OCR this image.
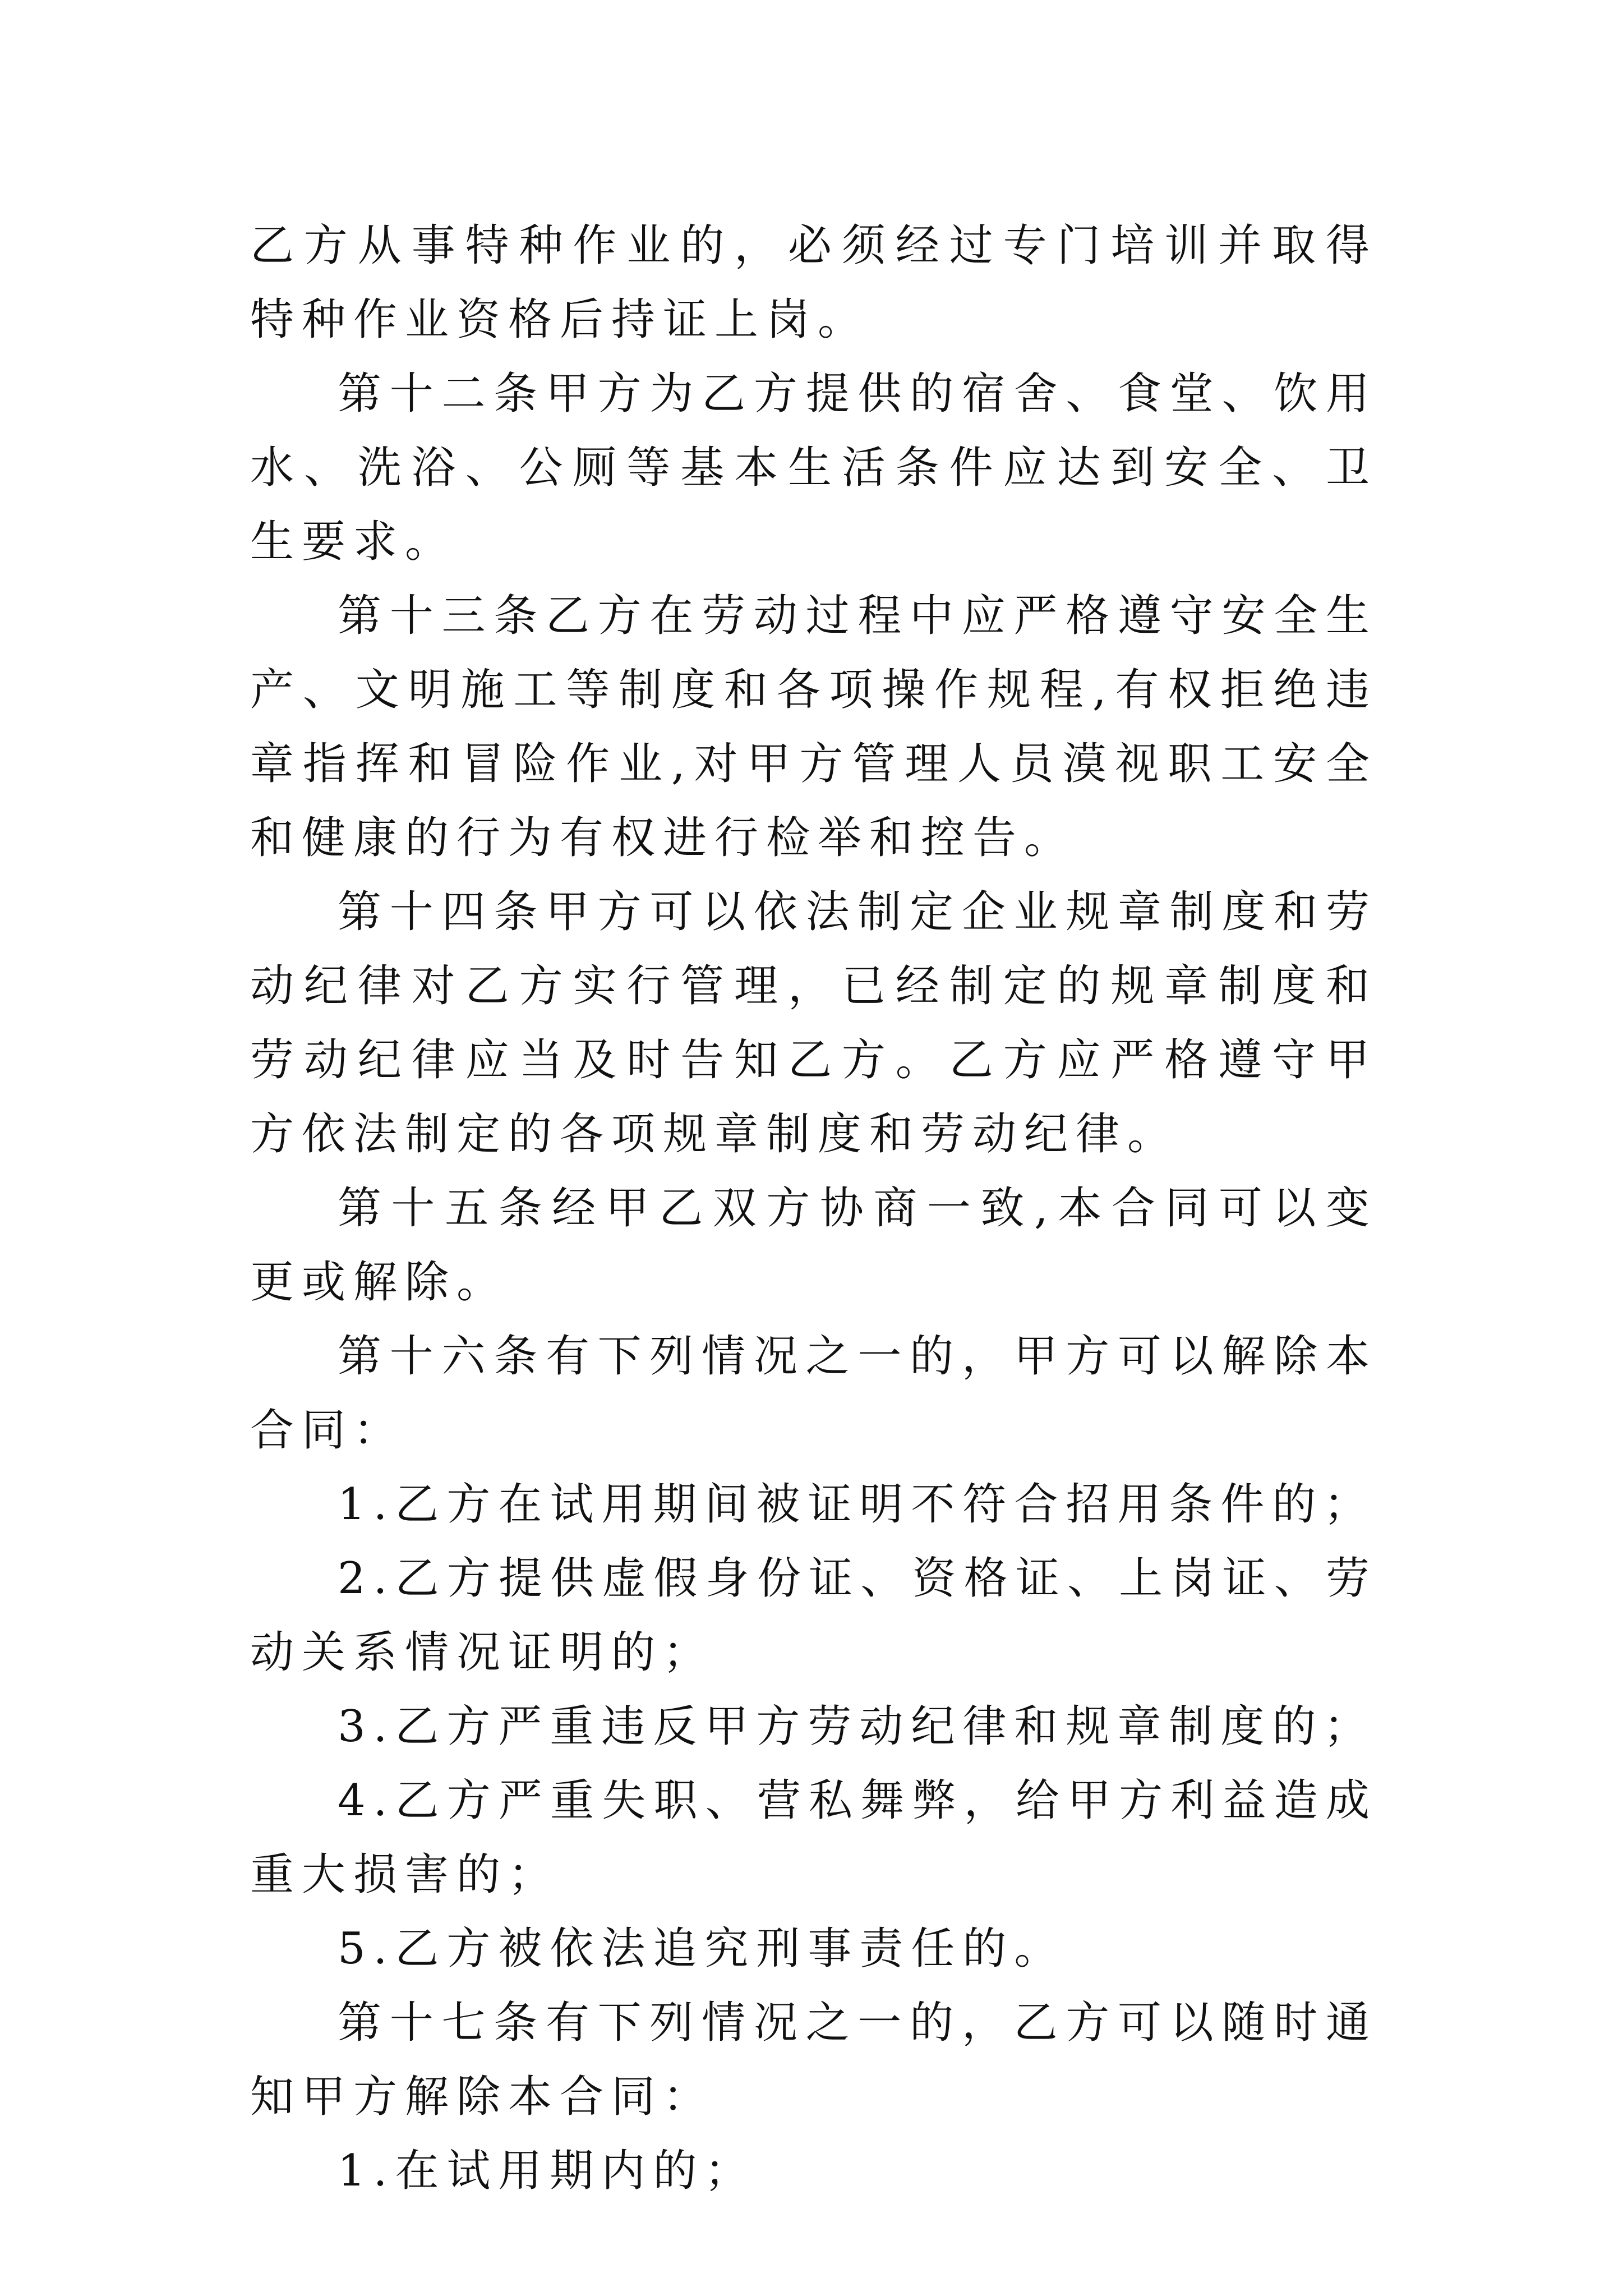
乙方从事特种作业的，必须经过专门培训并取得特种作业资格后持证上岗。

第十二条甲方为乙方提供的宿舍、食堂、饮用水、洗浴、公厕等基本生活条件应达到安全、卫生要求。

第十三条乙方在劳动过程中应严格遵守安全生产、文明施工等制度和各项操作规程,有权拒绝违章指挥和冒险作业,对甲方管理人员漠视职工安全和健康的行为有权进行检举和控告。

第十四条甲方可以依法制定企业规章制度和劳动纪律对乙方实行管理，已经制定的规章制度和劳动纪律应当及时告知乙方。乙方应严格遵守甲方依法制定的各项规章制度和劳动纪律。

第十五条经甲乙双方协商一致,本合同可以变更或解除。

第十六条有下列情况之一的，甲方可以解除本合同：

1.乙方在试用期间被证明不符合招用条件的；

2.乙方提供虚假身份证、资格证、上岗证、劳动关系情况证明的；

3.乙方严重违反甲方劳动纪律和规章制度的；

4.乙方严重失职、营私舞弊，给甲方利益造成重大损害的；

5.乙方被依法追究刑事责任的。

第十七条有下列情况之一的，乙方可以随时通知甲方解除本合同：

1.在试用期内的；
